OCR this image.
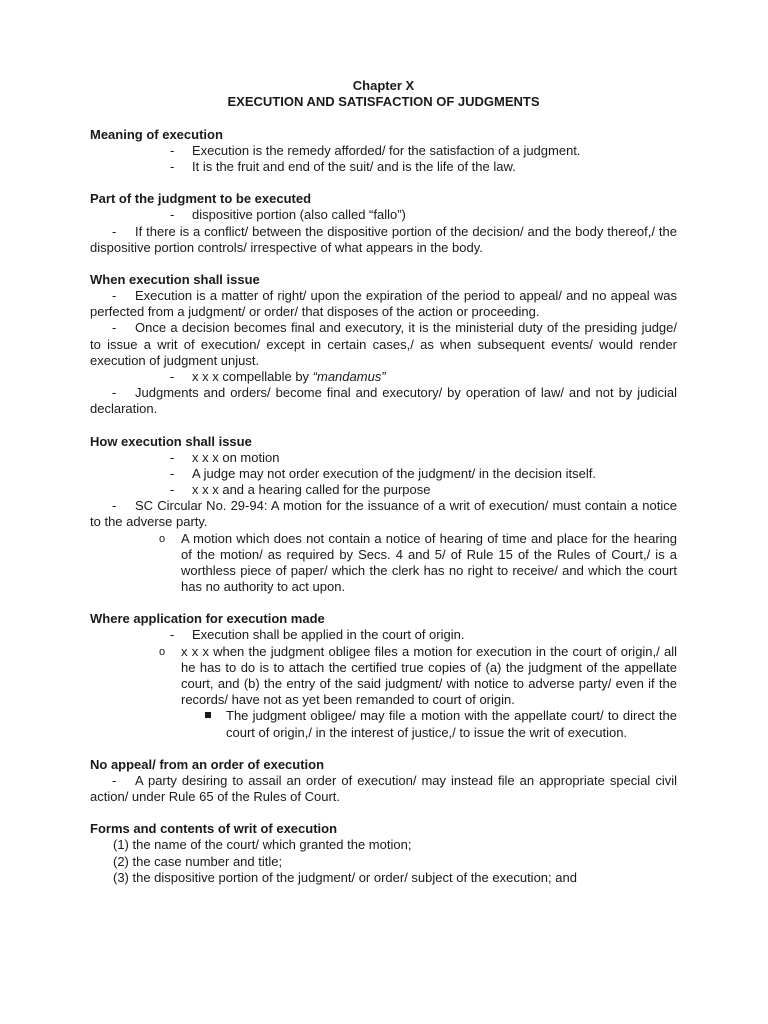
Chapter X

EXECUTION AND SATISFACTION OF JUDGMENTS

Meaning of execution

- Execution is the remedy afforded/ for the satisfaction of a judgment.

- It is the fruit and end of the suit/ and is the life of the law.

Part of the judgment to be executed

- dispositive portion (also called “fallo”)

- If there is a conflict/ between the dispositive portion of the decision/ and the body thereof,/ the dispositive portion controls/ irrespective of what appears in the body.

When execution shall issue

- Execution is a matter of right/ upon the expiration of the period to appeal/ and no appeal was perfected from a judgment/ or order/ that disposes of the action or proceeding.

- Once a decision becomes final and executory, it is the ministerial duty of the presiding judge/ to issue a writ of execution/ except in certain cases,/ as when subsequent events/ would render execution of judgment unjust.

- x x x compellable by “mandamus”

- Judgments and orders/ become final and executory/ by operation of law/ and not by judicial declaration.

How execution shall issue

- x x x on motion

- A judge may not order execution of the judgment/ in the decision itself.

- x x x and a hearing called for the purpose

- SC Circular No. 29-94: A motion for the issuance of a writ of execution/ must contain a notice to the adverse party.

o A motion which does not contain a notice of hearing of time and place for the hearing of the motion/ as required by Secs. 4 and 5/ of Rule 15 of the Rules of Court,/ is a worthless piece of paper/ which the clerk has no right to receive/ and which the court has no authority to act upon.

Where application for execution made

- Execution shall be applied in the court of origin.

o x x x when the judgment obligee files a motion for execution in the court of origin,/ all he has to do is to attach the certified true copies of (a) the judgment of the appellate court, and (b) the entry of the said judgment/ with notice to adverse party/ even if the records/ have not as yet been remanded to court of origin.

The judgment obligee/ may file a motion with the appellate court/ to direct the court of origin,/ in the interest of justice,/ to issue the writ of execution.

No appeal/ from an order of execution

- A party desiring to assail an order of execution/ may instead file an appropriate special civil action/ under Rule 65 of the Rules of Court.

Forms and contents of writ of execution

(1) the name of the court/ which granted the motion;

(2) the case number and title;

(3) the dispositive portion of the judgment/ or order/ subject of the execution; and
